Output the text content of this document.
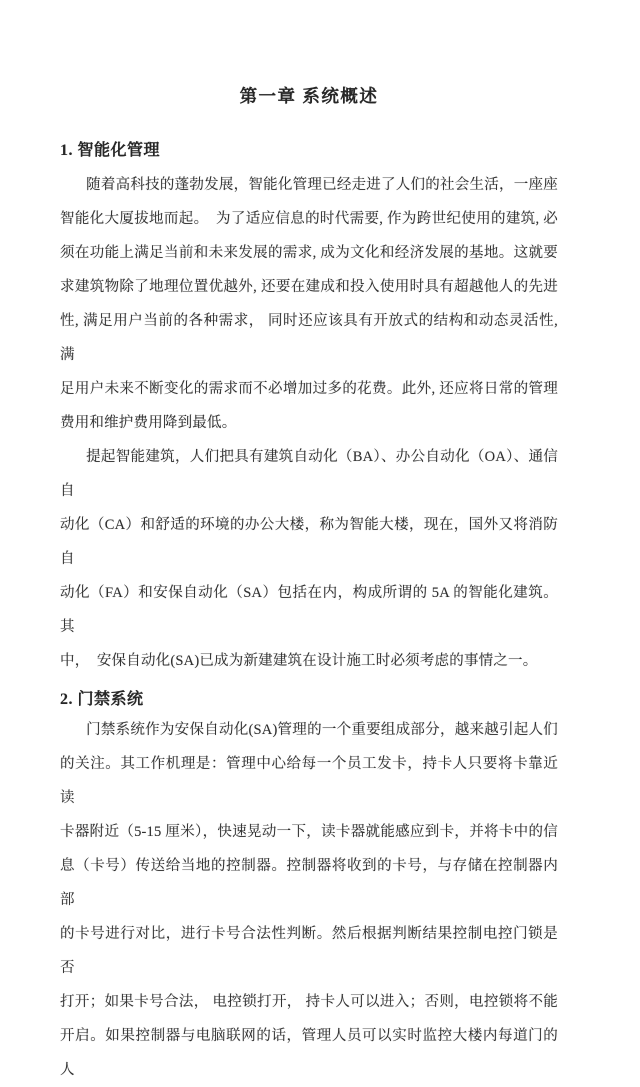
第一章 系统概述
1. 智能化管理
随着高科技的蓬勃发展，智能化管理已经走进了人们的社会生活，一座座
智能化大厦拔地而起。　为了适应信息的时代需要, 作为跨世纪使用的建筑, 必
须在功能上满足当前和未来发展的需求, 成为文化和经济发展的基地。这就要
求建筑物除了地理位置优越外, 还要在建成和投入使用时具有超越他人的先进
性, 满足用户当前的各种需求， 同时还应该具有开放式的结构和动态灵活性, 满
足用户未来不断变化的需求而不必增加过多的花费。此外, 还应将日常的管理
费用和维护费用降到最低。
提起智能建筑，人们把具有建筑自动化（BA）、办公自动化（OA）、通信自
动化（CA）和舒适的环境的办公大楼，称为智能大楼，现在，国外又将消防自
动化（FA）和安保自动化（SA）包括在内，构成所谓的 5A 的智能化建筑。其
中，　安保自动化(SA)已成为新建建筑在设计施工时必须考虑的事情之一。
2. 门禁系统
门禁系统作为安保自动化(SA)管理的一个重要组成部分，越来越引起人们
的关注。其工作机理是：管理中心给每一个员工发卡，持卡人只要将卡靠近读
卡器附近（5-15 厘米），快速晃动一下，读卡器就能感应到卡，并将卡中的信
息（卡号）传送给当地的控制器。控制器将收到的卡号，与存储在控制器内部
的卡号进行对比，进行卡号合法性判断。然后根据判断结果控制电控门锁是否
打开；如果卡号合法， 电控锁打开， 持卡人可以进入；否则，电控锁将不能
开启。如果控制器与电脑联网的话，管理人员可以实时监控大楼内每道门的人
